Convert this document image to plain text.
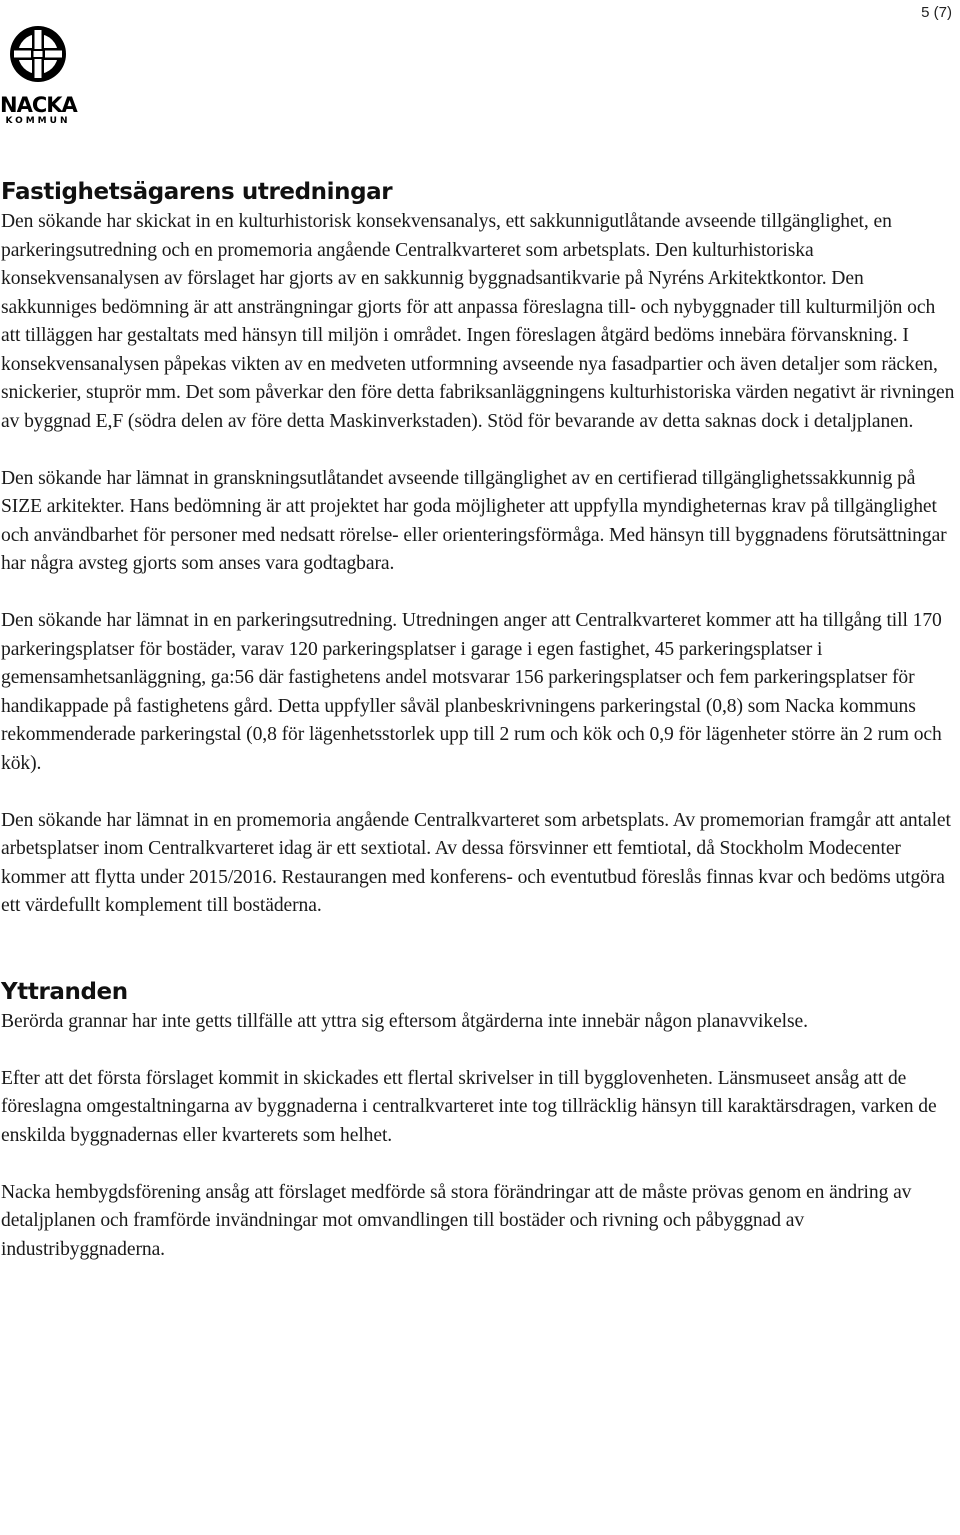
5 (7)
NACKA
KOMMUN
Fastighetsägarens utredningar

Den sökande har skickat in en kulturhistorisk konsekvensanalys, ett sakkunnigutlåtande avseende tillgänglighet, en parkeringsutredning och en promemoria angående Centralkvarteret som arbetsplats. Den kulturhistoriska konsekvensanalysen av förslaget har gjorts av en sakkunnig byggnadsantikvarie på Nyréns Arkitektkontor. Den sakkunniges bedömning är att ansträngningar gjorts för att anpassa föreslagna till- och nybyggnader till kulturmiljön och att tilläggen har gestaltats med hänsyn till miljön i området. Ingen föreslagen åtgärd bedöms innebära förvanskning. I konsekvensanalysen påpekas vikten av en medveten utformning avseende nya fasadpartier och även detaljer som räcken, snickerier, stuprör mm. Det som påverkar den före detta fabriksanläggningens kulturhistoriska värden negativt är rivningen av byggnad E,F (södra delen av före detta Maskinverkstaden). Stöd för bevarande av detta saknas dock i detaljplanen.

Den sökande har lämnat in granskningsutlåtandet avseende tillgänglighet av en certifierad tillgänglighetssakkunnig på SIZE arkitekter. Hans bedömning är att projektet har goda möjligheter att uppfylla myndigheternas krav på tillgänglighet och användbarhet för personer med nedsatt rörelse- eller orienteringsförmåga. Med hänsyn till byggnadens förutsättningar har några avsteg gjorts som anses vara godtagbara.

Den sökande har lämnat in en parkeringsutredning. Utredningen anger att Centralkvarteret kommer att ha tillgång till 170 parkeringsplatser för bostäder, varav 120 parkeringsplatser i garage i egen fastighet, 45 parkeringsplatser i gemensamhetsanläggning, ga:56 där fastighetens andel motsvarar 156 parkeringsplatser och fem parkeringsplatser för handikappade på fastighetens gård. Detta uppfyller såväl planbeskrivningens parkeringstal (0,8) som Nacka kommuns rekommenderade parkeringstal (0,8 för lägenhetsstorlek upp till 2 rum och kök och 0,9 för lägenheter större än 2 rum och kök).

Den sökande har lämnat in en promemoria angående Centralkvarteret som arbetsplats. Av promemorian framgår att antalet arbetsplatser inom Centralkvarteret idag är ett sextiotal. Av dessa försvinner ett femtiotal, då Stockholm Modecenter kommer att flytta under 2015/2016. Restaurangen med konferens- och eventutbud föreslås finnas kvar och bedöms utgöra ett värdefullt komplement till bostäderna.

Yttranden

Berörda grannar har inte getts tillfälle att yttra sig eftersom åtgärderna inte innebär någon planavvikelse.

Efter att det första förslaget kommit in skickades ett flertal skrivelser in till bygglovenheten. Länsmuseet ansåg att de föreslagna omgestaltningarna av byggnaderna i centralkvarteret inte tog tillräcklig hänsyn till karaktärsdragen, varken de enskilda byggnadernas eller kvarterets som helhet.

Nacka hembygdsförening ansåg att förslaget medförde så stora förändringar att de måste prövas genom en ändring av detaljplanen och framförde invändningar mot omvandlingen till bostäder och rivning och påbyggnad av industribyggnaderna.
